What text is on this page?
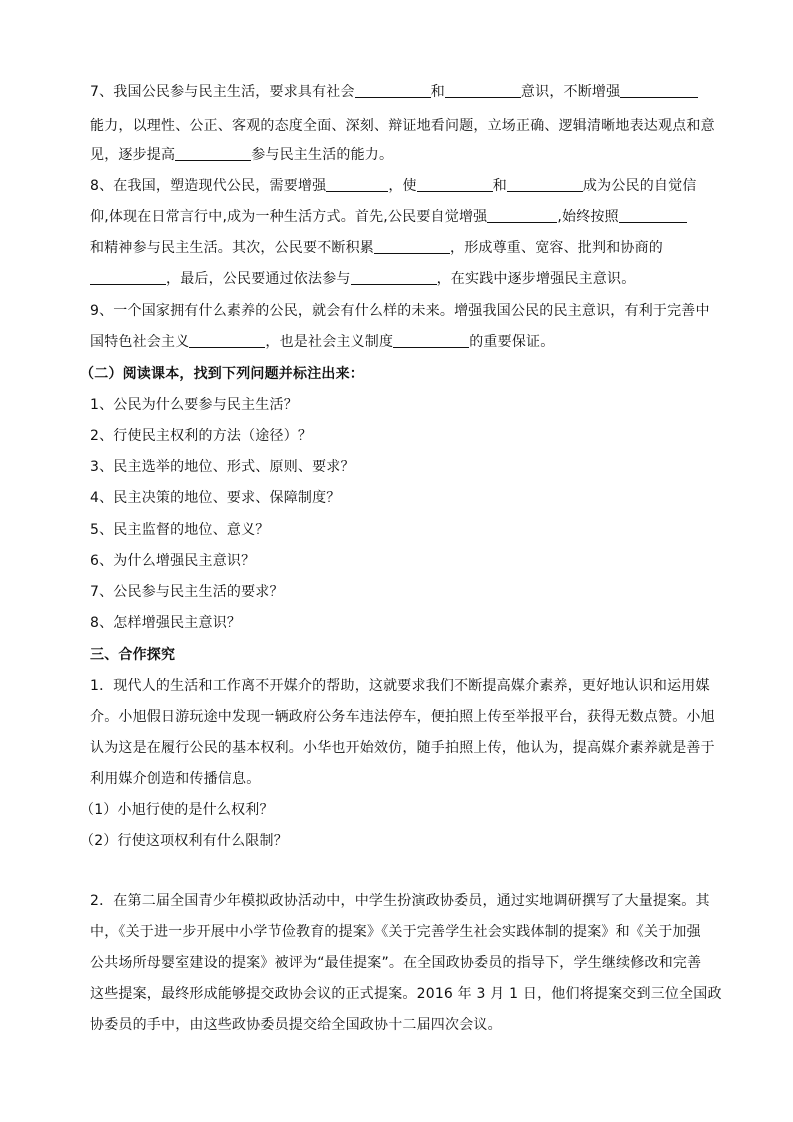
7、我国公民参与民主生活，要求具有社会	和	意识，不断增强
能力，以理性、公正、客观的态度全面、深刻、辩证地看问题，立场正确、逻辑清晰地表达观点和意
见，逐步提高	参与民主生活的能力。
8、在我国，塑造现代公民，需要增强	，使	和	成为公民的自觉信
仰,体现在日常言行中,成为一种生活方式。首先,公民要自觉增强	,始终按照
和精神参与民主生活。其次，公民要不断积累	，形成尊重、宽容、批判和协商的
，最后，公民要通过依法参与	，在实践中逐步增强民主意识。
9、一个国家拥有什么素养的公民，就会有什么样的未来。增强我国公民的民主意识，有利于完善中
国特色社会主义	，也是社会主义制度	的重要保证。
（二）阅读课本，找到下列问题并标注出来：
1、公民为什么要参与民主生活？
2、行使民主权利的方法（途径）？
3、民主选举的地位、形式、原则、要求？
4、民主决策的地位、要求、保障制度？
5、民主监督的地位、意义？
6、为什么增强民主意识？
7、公民参与民主生活的要求？
8、怎样增强民主意识？
三、合作探究
1．现代人的生活和工作离不开媒介的帮助，这就要求我们不断提高媒介素养，更好地认识和运用媒
介。小旭假日游玩途中发现一辆政府公务车违法停车，便拍照上传至举报平台，获得无数点赞。小旭
认为这是在履行公民的基本权利。小华也开始效仿，随手拍照上传，他认为，提高媒介素养就是善于
利用媒介创造和传播信息。
（1）小旭行使的是什么权利？
（2）行使这项权利有什么限制？
2．在第二届全国青少年模拟政协活动中，中学生扮演政协委员，通过实地调研撰写了大量提案。其
中，《关于进一步开展中小学节俭教育的提案》《关于完善学生社会实践体制的提案》和《关于加强
公共场所母婴室建设的提案》被评为“最佳提案”。在全国政协委员的指导下，学生继续修改和完善
这些提案，最终形成能够提交政协会议的正式提案。2016 年 3 月 1 日，他们将提案交到三位全国政
协委员的手中，由这些政协委员提交给全国政协十二届四次会议。
